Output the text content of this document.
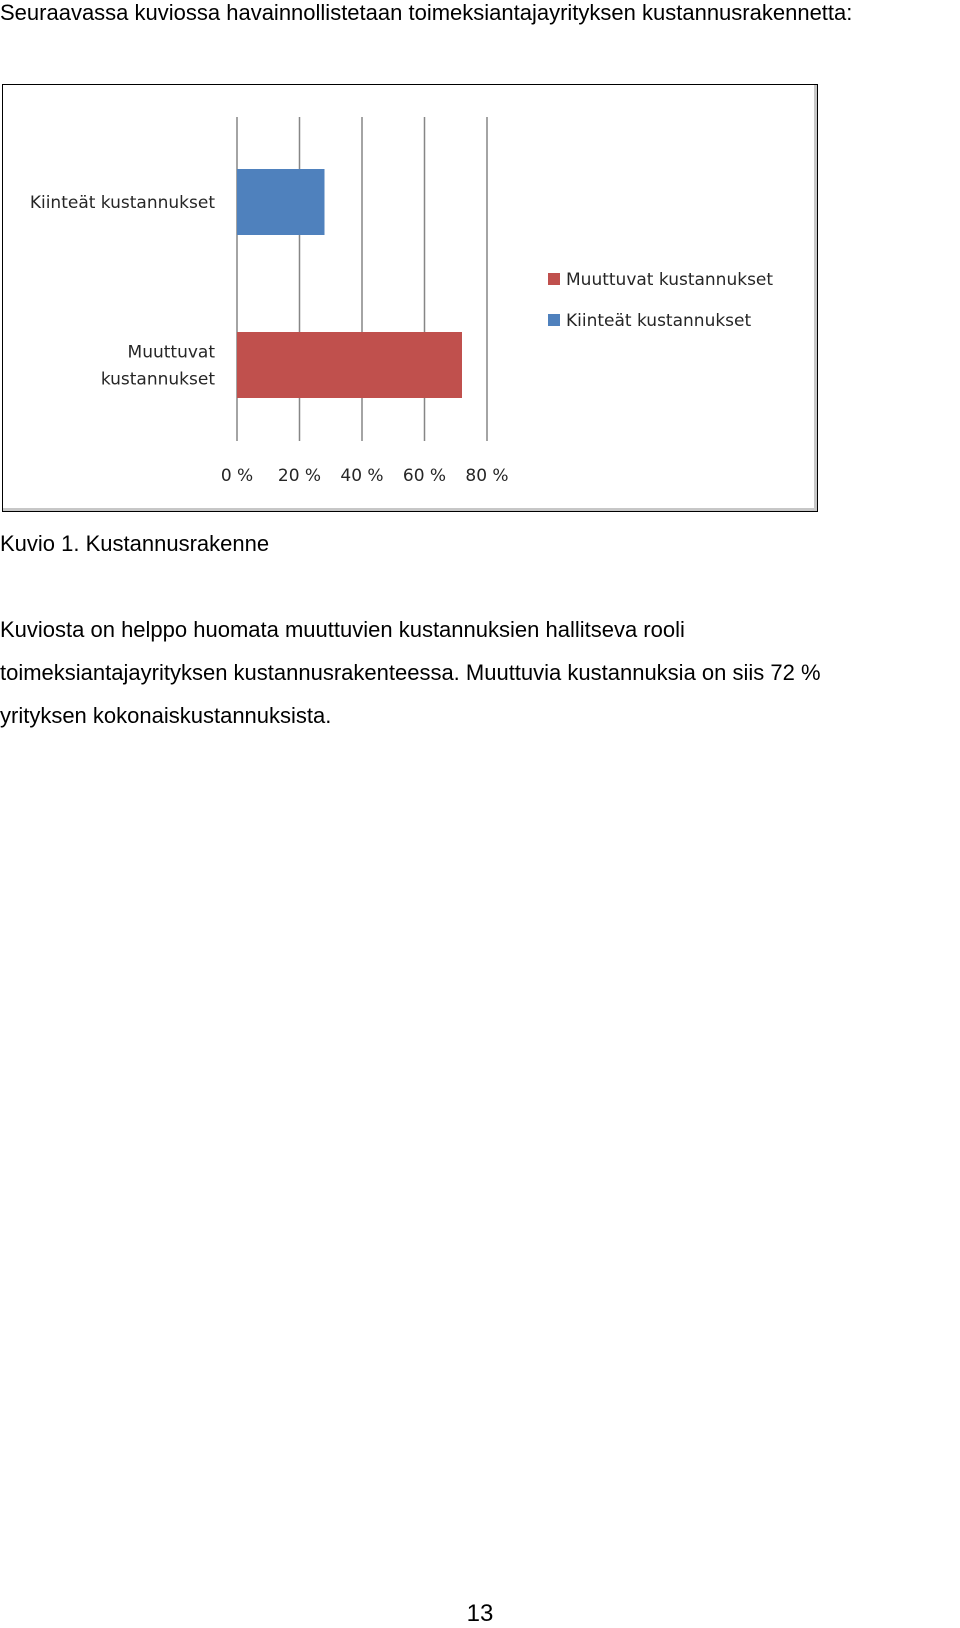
Seuraavassa kuviossa havainnollistetaan toimeksiantajayrityksen kustannusrakennetta:
Kiinteät kustannukset
Muuttuvat
kustannukset
0 % 20 % 40 % 60 % 80 %
Muuttuvat kustannukset
Kiinteät kustannukset
Kuvio 1. Kustannusrakenne
Kuviosta on helppo huomata muuttuvien kustannuksien hallitseva rooli
toimeksiantajayrityksen kustannusrakenteessa. Muuttuvia kustannuksia on siis 72 %
yrityksen kokonaiskustannuksista.
13
